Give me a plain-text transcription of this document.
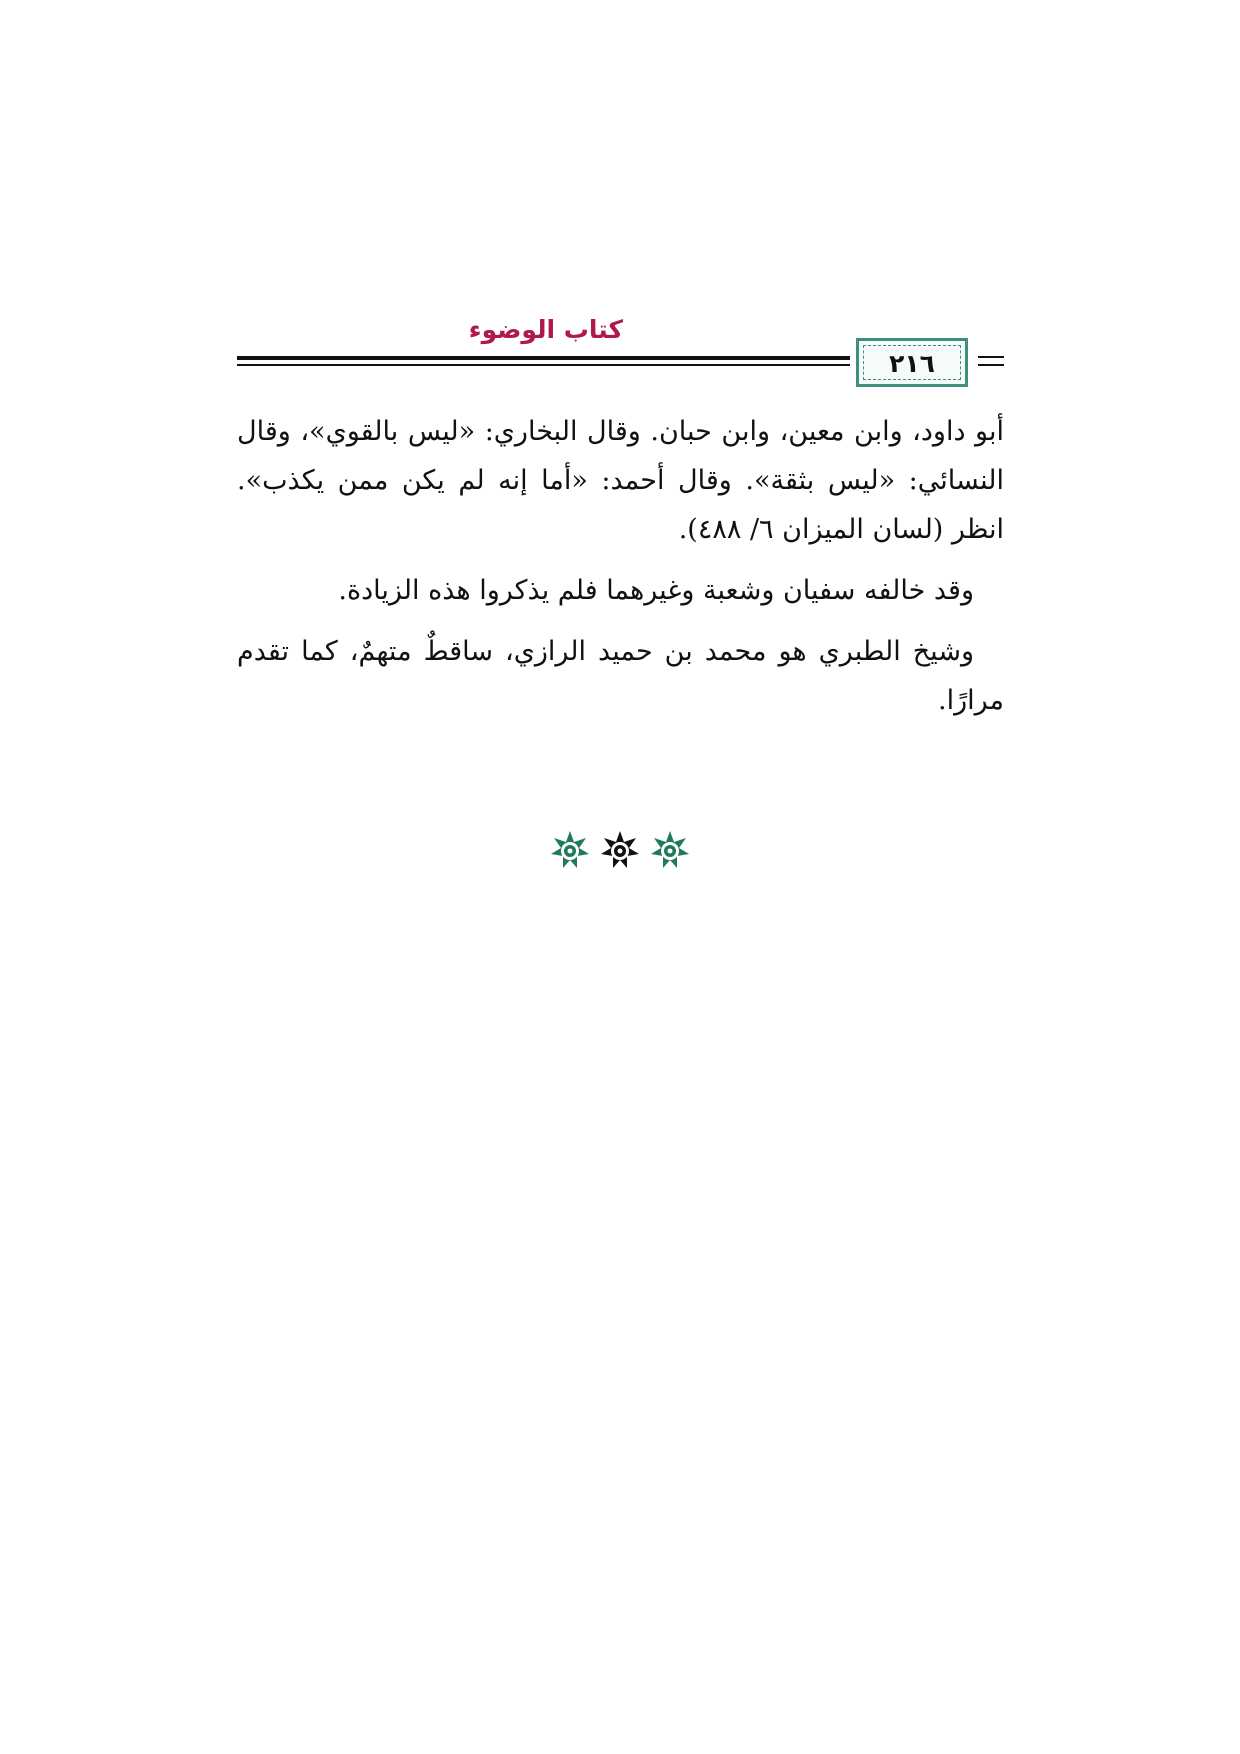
كتاب الوضوء
٢١٦

أبو داود، وابن معين، وابن حبان. وقال البخاري: «ليس بالقوي»، وقال النسائي: «ليس بثقة». وقال أحمد: «أما إنه لم يكن ممن يكذب». انظر (لسان الميزان ٦/ ٤٨٨).

وقد خالفه سفيان وشعبة وغيرهما فلم يذكروا هذه الزيادة.

وشيخ الطبري هو محمد بن حميد الرازي، ساقطٌ متهمٌ، كما تقدم مرارًا.
